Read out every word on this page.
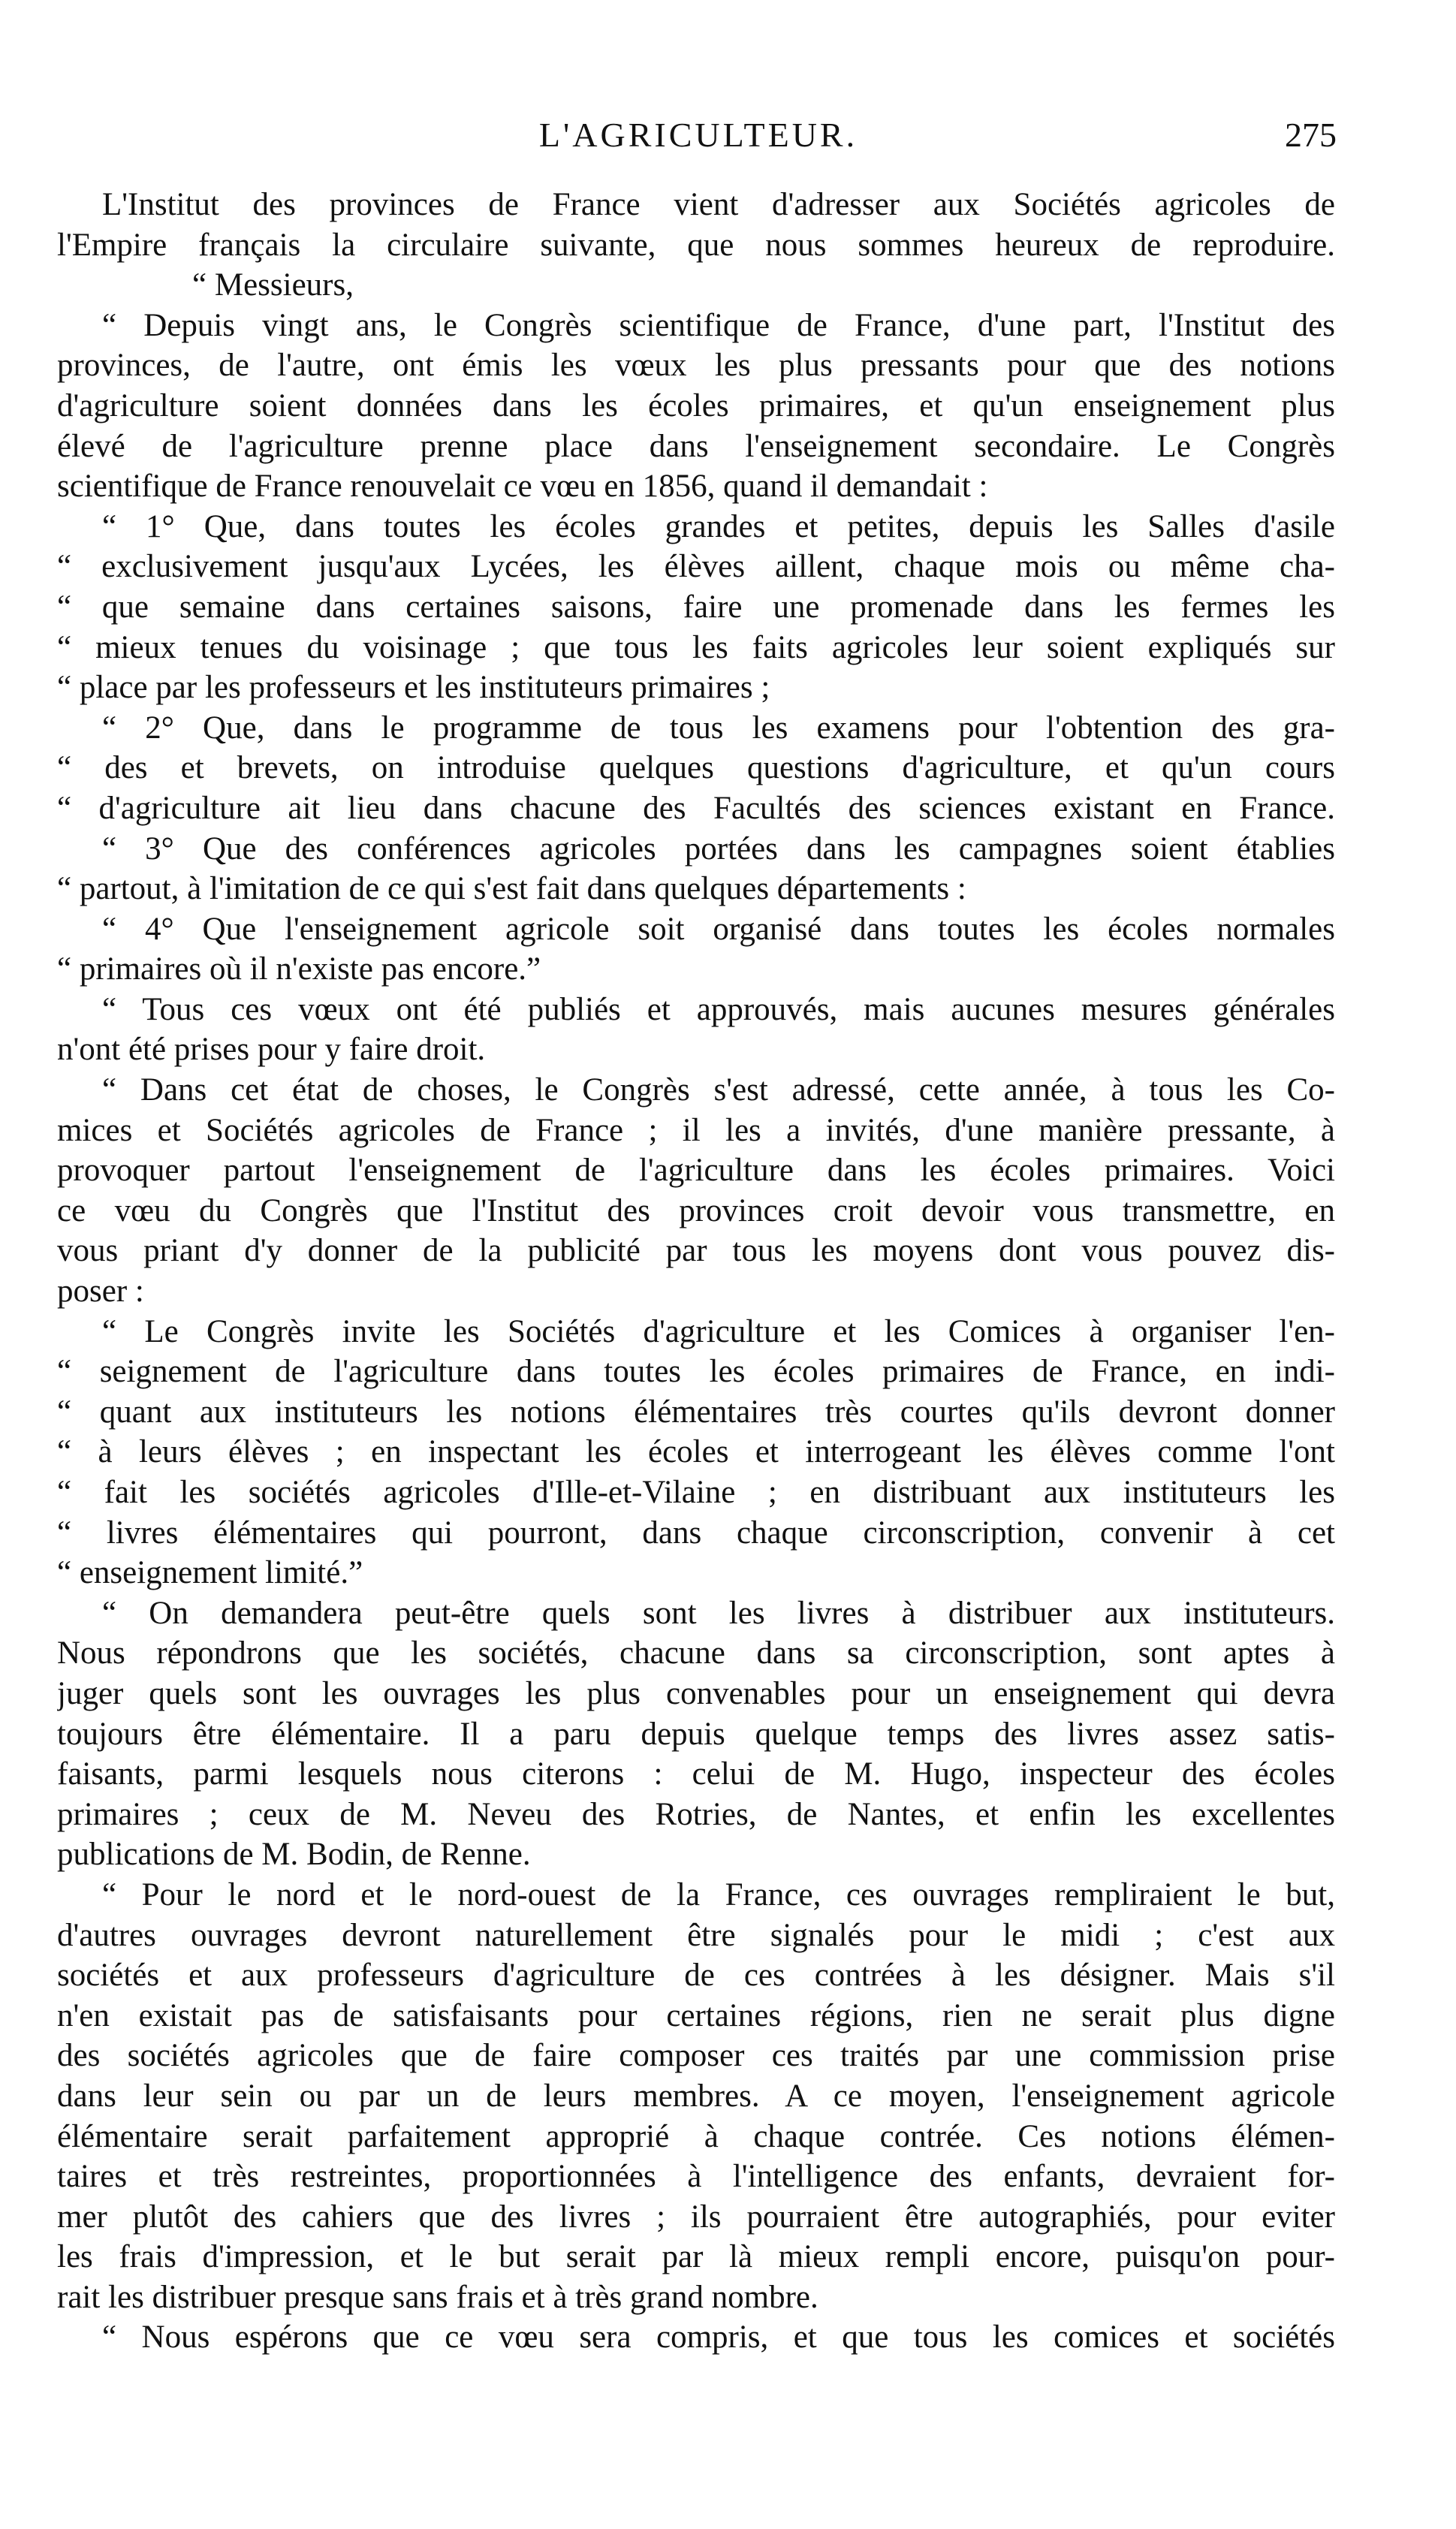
L'AGRICULTEUR.	275
L'Institut des provinces de France vient d'adresser aux Sociétés agricoles de
l'Empire français la circulaire suivante, que nous sommes heureux de reproduire.
“ Messieurs,
“ Depuis vingt ans, le Congrès scientifique de France, d'une part, l'Institut des
provinces, de l'autre, ont émis les vœux les plus pressants pour que des notions
d'agriculture soient données dans les écoles primaires, et qu'un enseignement plus
élevé de l'agriculture prenne place dans l'enseignement secondaire. Le Congrès
scientifique de France renouvelait ce vœu en 1856, quand il demandait :
“ 1° Que, dans toutes les écoles grandes et petites, depuis les Salles d'asile
“ exclusivement jusqu'aux Lycées, les élèves aillent, chaque mois ou même cha-
“ que semaine dans certaines saisons, faire une promenade dans les fermes les
“ mieux tenues du voisinage ; que tous les faits agricoles leur soient expliqués sur
“ place par les professeurs et les instituteurs primaires ;
“ 2° Que, dans le programme de tous les examens pour l'obtention des gra-
“ des et brevets, on introduise quelques questions d'agriculture, et qu'un cours
“ d'agriculture ait lieu dans chacune des Facultés des sciences existant en France.
“ 3° Que des conférences agricoles portées dans les campagnes soient établies
“ partout, à l'imitation de ce qui s'est fait dans quelques départements :
“ 4° Que l'enseignement agricole soit organisé dans toutes les écoles normales
“ primaires où il n'existe pas encore.”
“ Tous ces vœux ont été publiés et approuvés, mais aucunes mesures générales
n'ont été prises pour y faire droit.
“ Dans cet état de choses, le Congrès s'est adressé, cette année, à tous les Co-
mices et Sociétés agricoles de France ; il les a invités, d'une manière pressante, à
provoquer partout l'enseignement de l'agriculture dans les écoles primaires. Voici
ce vœu du Congrès que l'Institut des provinces croit devoir vous transmettre, en
vous priant d'y donner de la publicité par tous les moyens dont vous pouvez dis-
poser :
“ Le Congrès invite les Sociétés d'agriculture et les Comices à organiser l'en-
“ seignement de l'agriculture dans toutes les écoles primaires de France, en indi-
“ quant aux instituteurs les notions élémentaires très courtes qu'ils devront donner
“ à leurs élèves ; en inspectant les écoles et interrogeant les élèves comme l'ont
“ fait les sociétés agricoles d'Ille-et-Vilaine ; en distribuant aux instituteurs les
“ livres élémentaires qui pourront, dans chaque circonscription, convenir à cet
“ enseignement limité.”
“ On demandera peut-être quels sont les livres à distribuer aux instituteurs.
Nous répondrons que les sociétés, chacune dans sa circonscription, sont aptes à
juger quels sont les ouvrages les plus convenables pour un enseignement qui devra
toujours être élémentaire. Il a paru depuis quelque temps des livres assez satis-
faisants, parmi lesquels nous citerons : celui de M. Hugo, inspecteur des écoles
primaires ; ceux de M. Neveu des Rotries, de Nantes, et enfin les excellentes
publications de M. Bodin, de Renne.
“ Pour le nord et le nord-ouest de la France, ces ouvrages rempliraient le but,
d'autres ouvrages devront naturellement être signalés pour le midi ; c'est aux
sociétés et aux professeurs d'agriculture de ces contrées à les désigner. Mais s'il
n'en existait pas de satisfaisants pour certaines régions, rien ne serait plus digne
des sociétés agricoles que de faire composer ces traités par une commission prise
dans leur sein ou par un de leurs membres. A ce moyen, l'enseignement agricole
élémentaire serait parfaitement approprié à chaque contrée. Ces notions élémen-
taires et très restreintes, proportionnées à l'intelligence des enfants, devraient for-
mer plutôt des cahiers que des livres ; ils pourraient être autographiés, pour eviter
les frais d'impression, et le but serait par là mieux rempli encore, puisqu'on pour-
rait les distribuer presque sans frais et à très grand nombre.
“ Nous espérons que ce vœu sera compris, et que tous les comices et sociétés
